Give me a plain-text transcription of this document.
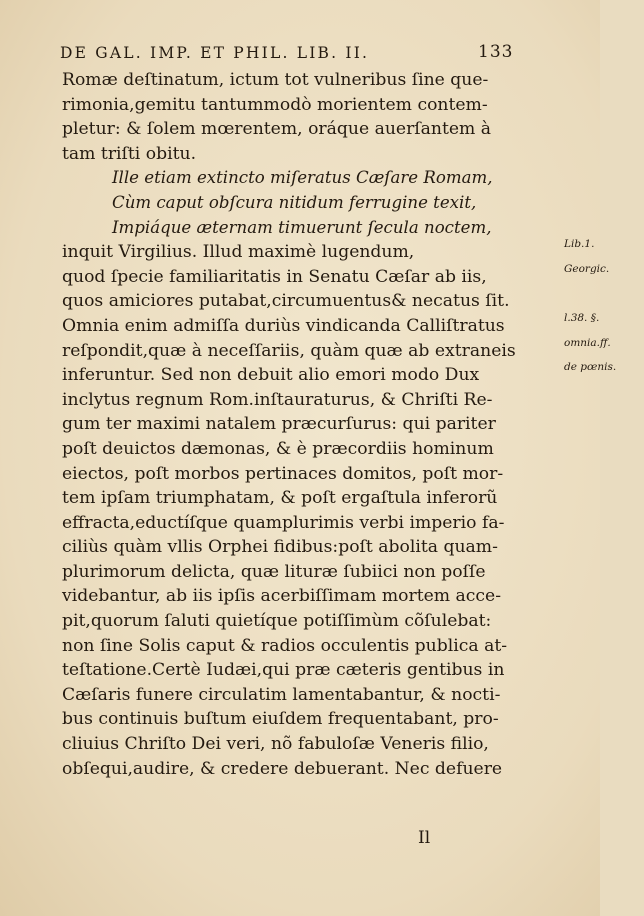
DE GAL. IMP. ET PHIL. LIB. II.	133
Romæ deſtinatum, ictum tot vulneribus ſine que-
rimonia,gemitu tantummodò morientem contem-
pletur: & ſolem mœrentem, oráque auerſantem à
tam triſti obitu.
Ille etiam extincto miſeratus Cæſare Romam,
Cùm caput obſcura nitidum ferrugine texit,
Impiáque æternam timuerunt ſecula noctem,
inquit Virgilius. Illud maximè lugendum,
quod ſpecie familiaritatis in Senatu Cæſar ab iis,
quos amiciores putabat,circumuentus& necatus ſit.
Omnia enim admiſſa duriùs vindicanda Calliſtratus
reſpondit,quæ à neceſſariis, quàm quæ ab extraneis
inferuntur. Sed non debuit alio emori modo Dux
inclytus regnum Rom.inſtauraturus, & Chriſti Re-
gum ter maximi natalem præcurſurus: qui pariter
poſt deuictos dæmonas, & è præcordiis hominum
eiectos, poſt morbos pertinaces domitos, poſt mor-
tem ipſam triumphatam, & poſt ergaſtula inferorũ
effracta,eductíſque quamplurimis verbi imperio fa-
ciliùs quàm vllis Orphei fidibus:poſt abolita quam-
plurimorum delicta, quæ lituræ ſubiici non poſſe
videbantur, ab iis ipſis acerbiſſimam mortem acce-
pit,quorum ſaluti quietíque potiſſimùm cõſulebat:
non ſine Solis caput & radios occulentis publica at-
teſtatione.Certè Iudæi,qui præ cæteris gentibus in
Cæſaris funere circulatim lamentabantur, & nocti-
bus continuis buſtum eiuſdem frequentabant, pro-
cliuius Chriſto Dei veri, nõ fabuloſæ Veneris filio,
obſequi,audire, & credere debuerant. Nec defuere
Lib.1.
Georgic.
l.38. §.
omnia.ff.
de pœnis.
Il
